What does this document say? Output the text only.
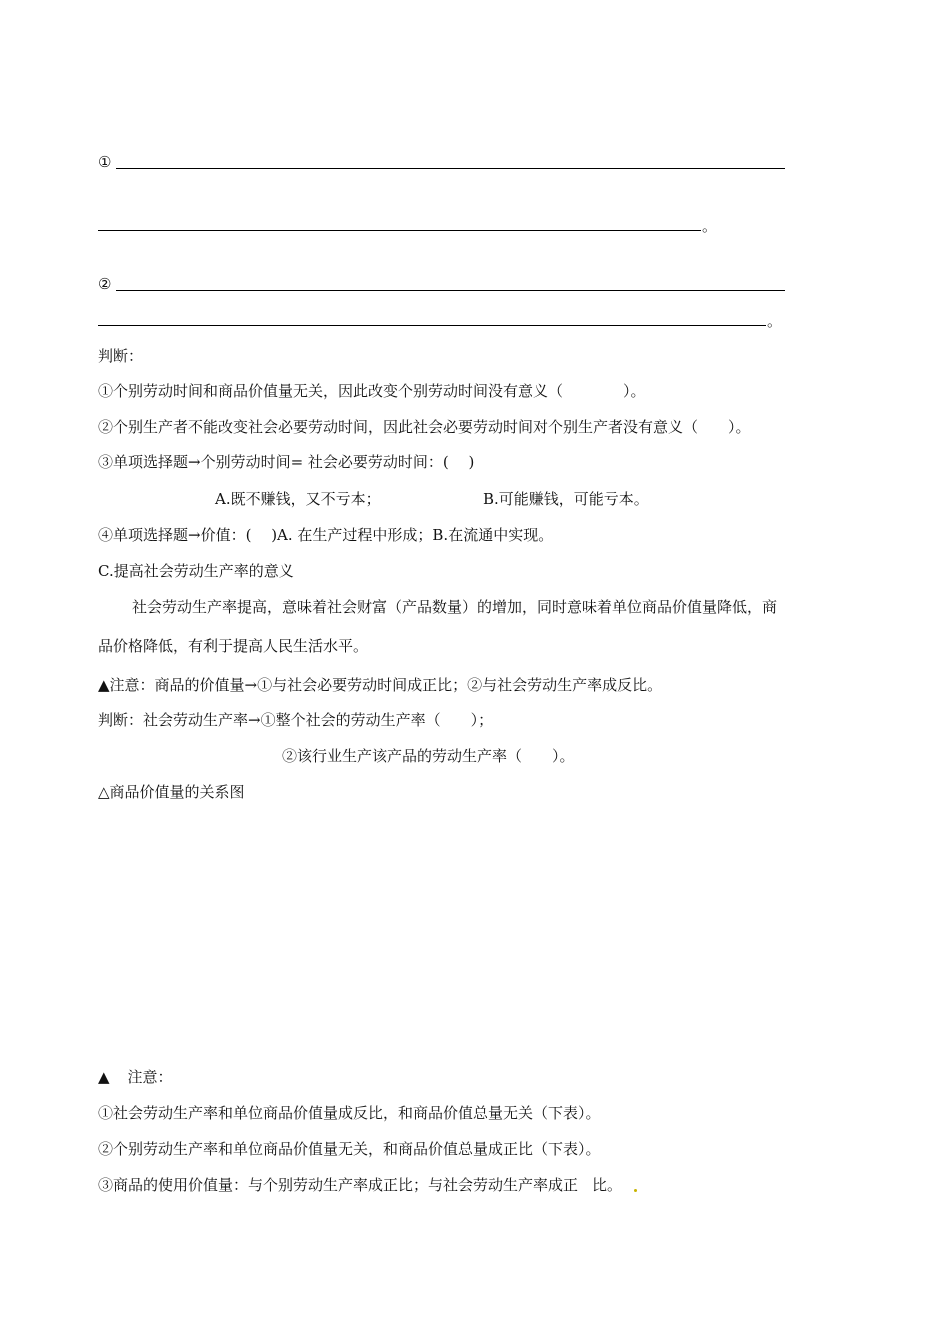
①
。
②
。
判断：
①个别劳动时间和商品价值量无关，因此改变个别劳动时间没有意义（　　　　）。
②个别生产者不能改变社会必要劳动时间，因此社会必要劳动时间对个别生产者没有意义（　　）。
③单项选择题→个别劳动时间= 社会必要劳动时间：(　 )
A.既不赚钱，又不亏本；	B.可能赚钱，可能亏本。
④单项选择题→价值：(　 )A. 在生产过程中形成；B.在流通中实现。
C.提高社会劳动生产率的意义
社会劳动生产率提高，意味着社会财富（产品数量）的增加，同时意味着单位商品价值量降低，商
品价格降低，有利于提高人民生活水平。
▲注意：商品的价值量→①与社会必要劳动时间成正比；②与社会劳动生产率成反比。
判断：社会劳动生产率→①整个社会的劳动生产率（　　）；
②该行业生产该产品的劳动生产率（　　）。
△商品价值量的关系图
▲ 注意：
①社会劳动生产率和单位商品价值量成反比，和商品价值总量无关（下表）。
②个别劳动生产率和单位商品价值量无关，和商品价值总量成正比（下表）。
③商品的使用价值量：与个别劳动生产率成正比；与社会劳动生产率成正 比。
